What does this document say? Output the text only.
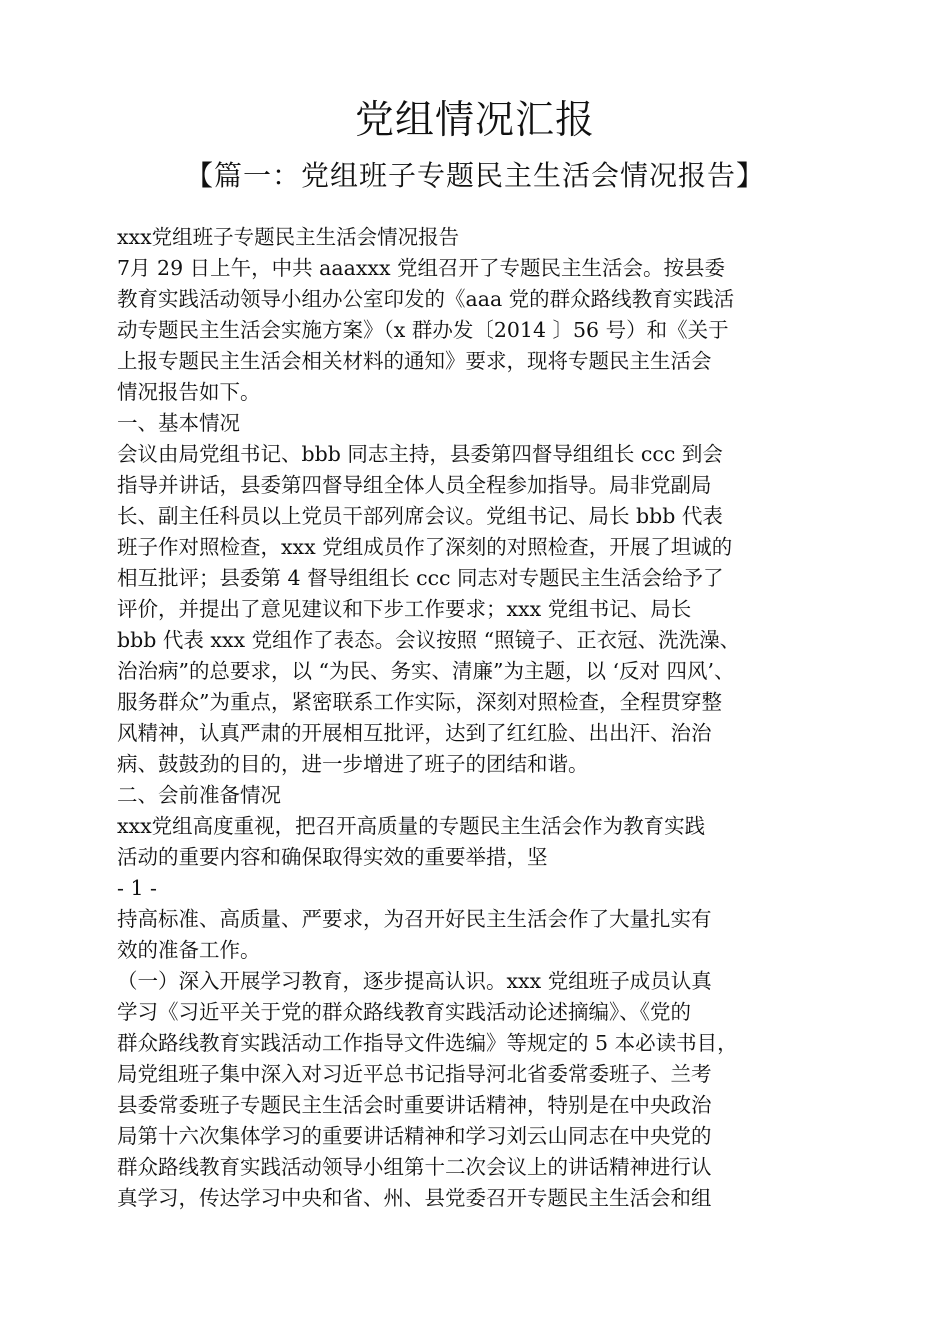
党组情况汇报
【篇一：党组班子专题民主生活会情况报告】
xxx党组班子专题民主生活会情况报告
7月 29 日上午，中共 aaaxxx 党组召开了专题民主生活会。按县委
教育实践活动领导小组办公室印发的《aaa 党的群众路线教育实践活
动专题民主生活会实施方案》（x 群办发〔2014 〕56 号）和《关于
上报专题民主生活会相关材料的通知》要求，现将专题民主生活会
情况报告如下。
一、基本情况
会议由局党组书记、bbb 同志主持，县委第四督导组组长 ccc 到会
指导并讲话，县委第四督导组全体人员全程参加指导。局非党副局
长、副主任科员以上党员干部列席会议。党组书记、局长 bbb 代表
班子作对照检查，xxx 党组成员作了深刻的对照检查，开展了坦诚的
相互批评；县委第 4 督导组组长 ccc 同志对专题民主生活会给予了
评价，并提出了意见建议和下步工作要求；xxx 党组书记、局长
bbb 代表 xxx 党组作了表态。会议按照 “照镜子、正衣冠、洗洗澡、
治治病”的总要求，以 “为民、务实、清廉”为主题，以 ‘反对 四风’、
服务群众”为重点，紧密联系工作实际，深刻对照检查，全程贯穿整
风精神，认真严肃的开展相互批评，达到了红红脸、出出汗、治治
病、鼓鼓劲的目的，进一步增进了班子的团结和谐。
二、会前准备情况
xxx党组高度重视，把召开高质量的专题民主生活会作为教育实践
活动的重要内容和确保取得实效的重要举措，坚
- 1 -
持高标准、高质量、严要求，为召开好民主生活会作了大量扎实有
效的准备工作。
（一）深入开展学习教育，逐步提高认识。xxx 党组班子成员认真
学习《习近平关于党的群众路线教育实践活动论述摘编》、《党的
群众路线教育实践活动工作指导文件选编》等规定的 5 本必读书目，
局党组班子集中深入对习近平总书记指导河北省委常委班子、兰考
县委常委班子专题民主生活会时重要讲话精神，特别是在中央政治
局第十六次集体学习的重要讲话精神和学习刘云山同志在中央党的
群众路线教育实践活动领导小组第十二次会议上的讲话精神进行认
真学习，传达学习中央和省、州、县党委召开专题民主生活会和组
